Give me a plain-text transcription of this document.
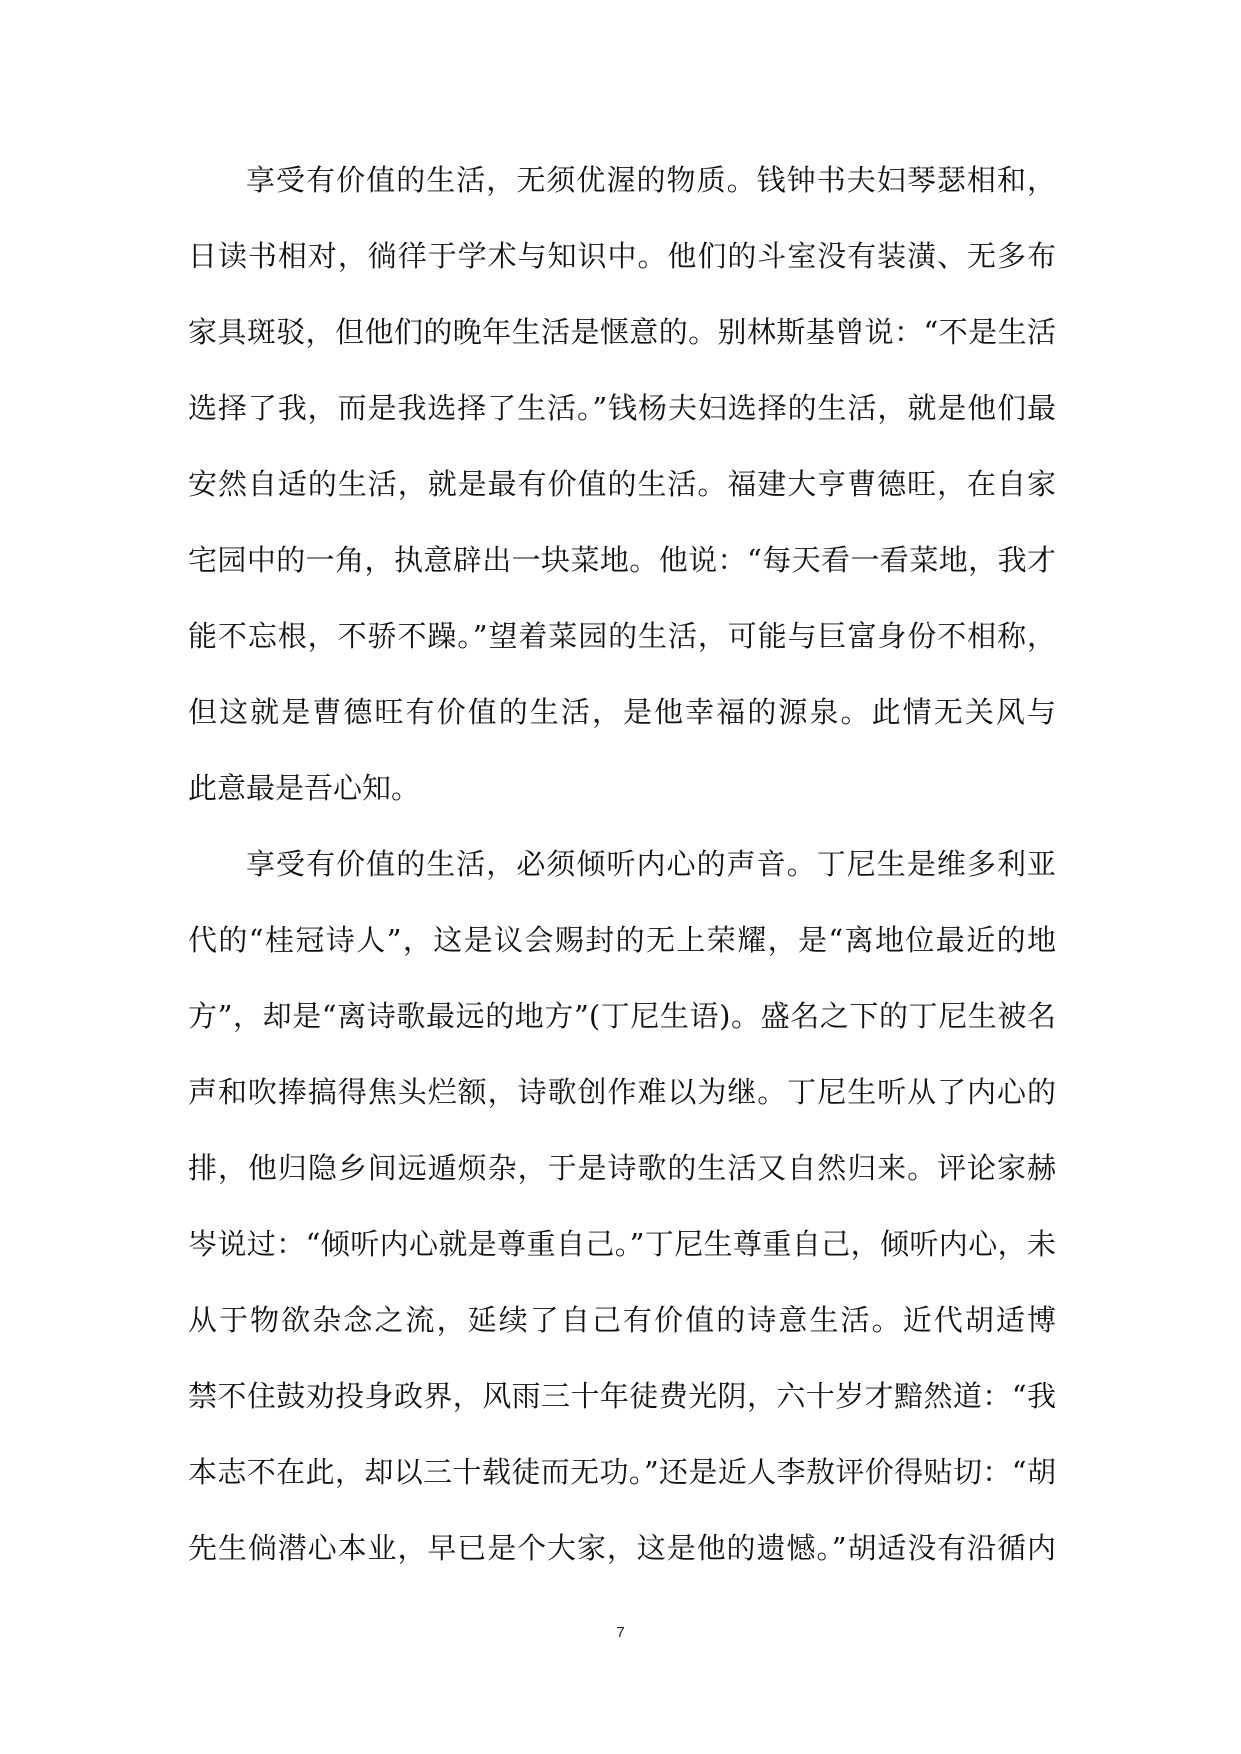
享受有价值的生活，无须优渥的物质。钱钟书夫妇琴瑟相和，
日读书相对，徜徉于学术与知识中。他们的斗室没有装潢、无多布
家具斑驳，但他们的晚年生活是惬意的。别林斯基曾说：“不是生活
选择了我，而是我选择了生活。”钱杨夫妇选择的生活，就是他们最
安然自适的生活，就是最有价值的生活。福建大亨曹德旺，在自家
宅园中的一角，执意辟出一块菜地。他说：“每天看一看菜地，我才
能不忘根，不骄不躁。”望着菜园的生活，可能与巨富身份不相称，
但这就是曹德旺有价值的生活，是他幸福的源泉。此情无关风与
此意最是吾心知。
享受有价值的生活，必须倾听内心的声音。丁尼生是维多利亚
代的“桂冠诗人”，这是议会赐封的无上荣耀，是“离地位最近的地
方”，却是“离诗歌最远的地方”(丁尼生语)。盛名之下的丁尼生被名
声和吹捧搞得焦头烂额，诗歌创作难以为继。丁尼生听从了内心的
排，他归隐乡间远遁烦杂，于是诗歌的生活又自然归来。评论家赫
岑说过：“倾听内心就是尊重自己。”丁尼生尊重自己，倾听内心，未
从于物欲杂念之流，延续了自己有价值的诗意生活。近代胡适博
禁不住鼓劝投身政界，风雨三十年徒费光阴，六十岁才黯然道：“我
本志不在此，却以三十载徒而无功。”还是近人李敖评价得贴切：“胡
先生倘潜心本业，早已是个大家，这是他的遗憾。”胡适没有沿循内
7
